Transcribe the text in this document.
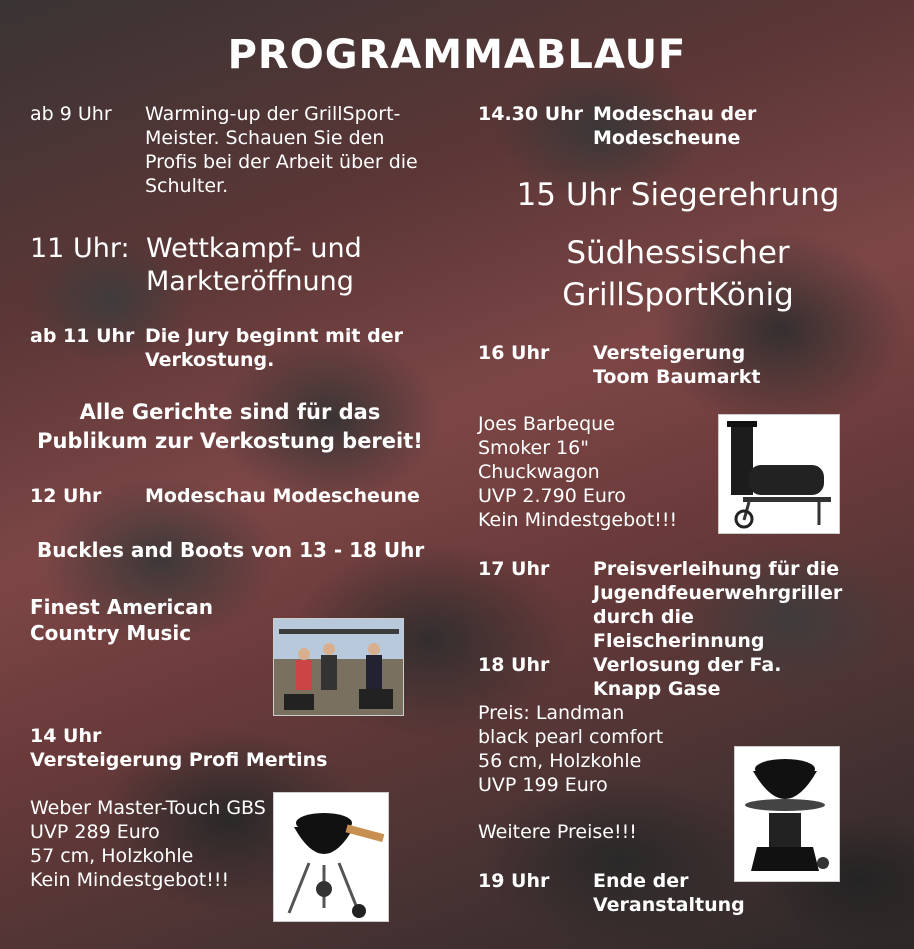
PROGRAMMABLAUF
ab 9 Uhr Warming-up der GrillSport-Meister. Schauen Sie den Profis bei der Arbeit über die Schulter.
11 Uhr: Wettkampf- und Markteröffnung
ab 11 Uhr Die Jury beginnt mit der Verkostung.
Alle Gerichte sind für das Publikum zur Verkostung bereit!
12 Uhr Modeschau Modescheune
Buckles and Boots von 13 - 18 Uhr
Finest American Country Music
14 Uhr
Versteigerung Profi Mertins
Weber Master-Touch GBS
UVP 289 Euro
57 cm, Holzkohle
Kein Mindestgebot!!!
14.30 Uhr Modeschau der Modescheune
15 Uhr Siegerehrung
Südhessischer GrillSportKönig
16 Uhr Versteigerung Toom Baumarkt
Joes Barbeque
Smoker 16"
Chuckwagon
UVP 2.790 Euro
Kein Mindestgebot!!!
17 Uhr Preisverleihung für die Jugendfeuerwehrgriller durch die Fleischerinnung
18 Uhr Verlosung der Fa. Knapp Gase
Preis: Landman
black pearl comfort
56 cm, Holzkohle
UVP 199 Euro
Weitere Preise!!!
19 Uhr Ende der Veranstaltung
